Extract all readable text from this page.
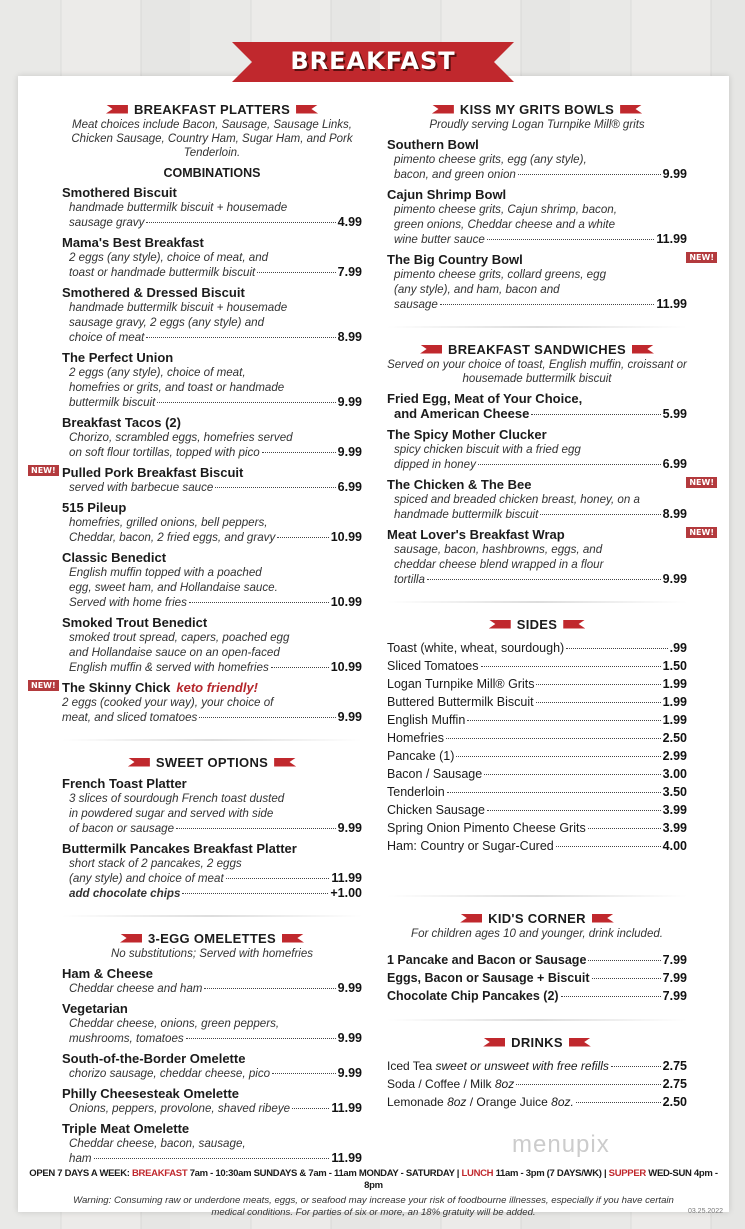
BREAKFAST
BREAKFAST PLATTERS
Meat choices include Bacon, Sausage, Sausage Links, Chicken Sausage, Country Ham, Sugar Ham, and Pork Tenderloin.
COMBINATIONS
Smothered Biscuit
handmade buttermilk biscuit + housemade
sausage gravy	4.99
Mama's Best Breakfast
2 eggs (any style), choice of meat, and
toast or handmade buttermilk biscuit	7.99
Smothered & Dressed Biscuit
handmade buttermilk biscuit + housemade
sausage gravy, 2 eggs (any style) and
choice of meat	8.99
The Perfect Union
2 eggs (any style), choice of meat,
homefries or grits, and toast or handmade
buttermilk biscuit	9.99
Breakfast Tacos (2)
Chorizo, scrambled eggs, homefries served
on soft flour tortillas, topped with pico	9.99
NEW! Pulled Pork Breakfast Biscuit
served with barbecue sauce	6.99
515 Pileup
homefries, grilled onions, bell peppers,
Cheddar, bacon, 2 fried eggs, and gravy	10.99
Classic Benedict
English muffin topped with a poached
egg, sweet ham, and Hollandaise sauce.
Served with home fries	10.99
Smoked Trout Benedict
smoked trout spread, capers, poached egg
and Hollandaise sauce on an open-faced
English muffin & served with homefries	10.99
NEW! The Skinny Chick keto friendly!
2 eggs (cooked your way), your choice of
meat, and sliced tomatoes	9.99
SWEET OPTIONS
French Toast Platter
3 slices of sourdough French toast dusted
in powdered sugar and served with side
of bacon or sausage	9.99
Buttermilk Pancakes Breakfast Platter
short stack of 2 pancakes, 2 eggs
(any style) and choice of meat	11.99
add chocolate chips	+1.00
3-EGG OMELETTES
No substitutions; Served with homefries
Ham & Cheese
Cheddar cheese and ham	9.99
Vegetarian
Cheddar cheese, onions, green peppers,
mushrooms, tomatoes	9.99
South-of-the-Border Omelette
chorizo sausage, cheddar cheese, pico	9.99
Philly Cheesesteak Omelette
Onions, peppers, provolone, shaved ribeye	11.99
Triple Meat Omelette
Cheddar cheese, bacon, sausage,
ham	11.99
KISS MY GRITS BOWLS
Proudly serving Logan Turnpike Mill® grits
Southern Bowl
pimento cheese grits, egg (any style),
bacon, and green onion	9.99
Cajun Shrimp Bowl
pimento cheese grits, Cajun shrimp, bacon,
green onions, Cheddar cheese and a white
wine butter sauce	11.99
NEW!
The Big Country Bowl
pimento cheese grits, collard greens, egg
(any style), and ham, bacon and
sausage	11.99
BREAKFAST SANDWICHES
Served on your choice of toast, English muffin, croissant or housemade buttermilk biscuit
Fried Egg, Meat of Your Choice,
and American Cheese	5.99
The Spicy Mother Clucker
spicy chicken biscuit with a fried egg
dipped in honey	6.99
NEW!
The Chicken & The Bee
spiced and breaded chicken breast, honey, on a
handmade buttermilk biscuit	8.99
NEW!
Meat Lover's Breakfast Wrap
sausage, bacon, hashbrowns, eggs, and
cheddar cheese blend wrapped in a flour
tortilla	9.99
SIDES
Toast (white, wheat, sourdough)	.99
Sliced Tomatoes	1.50
Logan Turnpike Mill® Grits	1.99
Buttered Buttermilk Biscuit	1.99
English Muffin	1.99
Homefries	2.50
Pancake (1)	2.99
Bacon / Sausage	3.00
Tenderloin	3.50
Chicken Sausage	3.99
Spring Onion Pimento Cheese Grits	3.99
Ham: Country or Sugar-Cured	4.00
KID'S CORNER
For children ages 10 and younger, drink included.
1 Pancake and Bacon or Sausage	7.99
Eggs, Bacon or Sausage + Biscuit	7.99
Chocolate Chip Pancakes (2)	7.99
DRINKS
Iced Tea sweet or unsweet with free refills	2.75
Soda / Coffee / Milk 8oz	2.75
Lemonade 8oz / Orange Juice 8oz.	2.50
menupix
OPEN 7 DAYS A WEEK: BREAKFAST 7am - 10:30am SUNDAYS & 7am - 11am MONDAY - SATURDAY | LUNCH 11am - 3pm (7 DAYS/WK) | SUPPER WED-SUN 4pm - 8pm
Warning: Consuming raw or underdone meats, eggs, or seafood may increase your risk of foodbourne illnesses, especially if you have certain medical conditions. For parties of six or more, an 18% gratuity will be added.	03.25.2022
